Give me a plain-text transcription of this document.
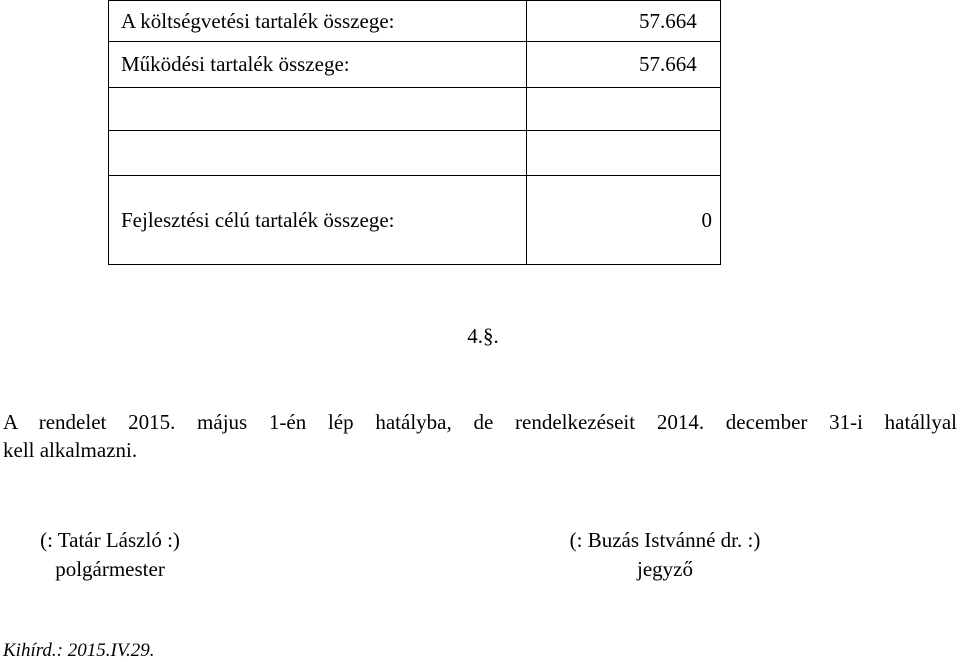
A költségvetési tartalék összege:	57.664
Működési tartalék összege:	57.664

Fejlesztési célú tartalék összege:	0
4.§.

A rendelet 2015. május 1-én lép hatályba, de rendelkezéseit 2014. december 31-i hatállyal
kell alkalmazni.

(: Tatár László :)
polgármester
(: Buzás Istvánné dr. :)
jegyző
Kihírd.: 2015.IV.29.
